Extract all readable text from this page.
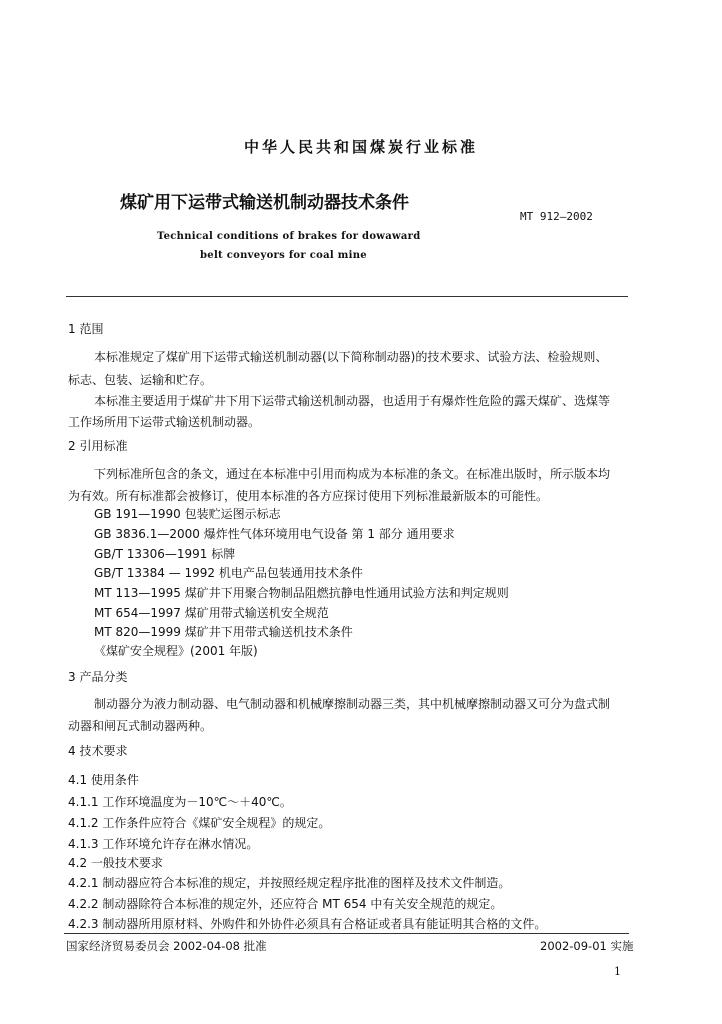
中华人民共和国煤炭行业标准
煤矿用下运带式输送机制动器技术条件
MT 912—2002
Technical conditions of brakes for dowaward
belt conveyors for coal mine
1 范围
本标准规定了煤矿用下运带式输送机制动器(以下简称制动器)的技术要求、试验方法、检验规则、
标志、包装、运输和贮存。
本标准主要适用于煤矿井下用下运带式输送机制动器，也适用于有爆炸性危险的露天煤矿、选煤等
工作场所用下运带式输送机制动器。
2 引用标准
下列标准所包含的条文，通过在本标准中引用而构成为本标准的条文。在标准出版时，所示版本均
为有效。所有标准都会被修订，使用本标准的各方应探讨使用下列标准最新版本的可能性。
GB 191—1990 包装贮运图示标志
GB 3836.1—2000 爆炸性气体环境用电气设备 第 1 部分 通用要求
GB/T 13306—1991 标牌
GB/T 13384 — 1992 机电产品包装通用技术条件
MT 113—1995 煤矿井下用聚合物制品阻燃抗静电性通用试验方法和判定规则
MT 654—1997 煤矿用带式输送机安全规范
MT 820—1999 煤矿井下用带式输送机技术条件
《煤矿安全规程》(2001 年版)
3 产品分类
制动器分为液力制动器、电气制动器和机械摩擦制动器三类，其中机械摩擦制动器又可分为盘式制
动器和闸瓦式制动器两种。
4 技术要求
4.1 使用条件
4.1.1 工作环境温度为－10℃～＋40℃。
4.1.2 工作条件应符合《煤矿安全规程》的规定。
4.1.3 工作环境允许存在淋水情况。
4.2 一般技术要求
4.2.1 制动器应符合本标准的规定，并按照经规定程序批准的图样及技术文件制造。
4.2.2 制动器除符合本标准的规定外，还应符合 MT 654 中有关安全规范的规定。
4.2.3 制动器所用原材料、外购件和外协件必须具有合格证或者具有能证明其合格的文件。
国家经济贸易委员会 2002-04-08 批准	2002-09-01 实施
1
